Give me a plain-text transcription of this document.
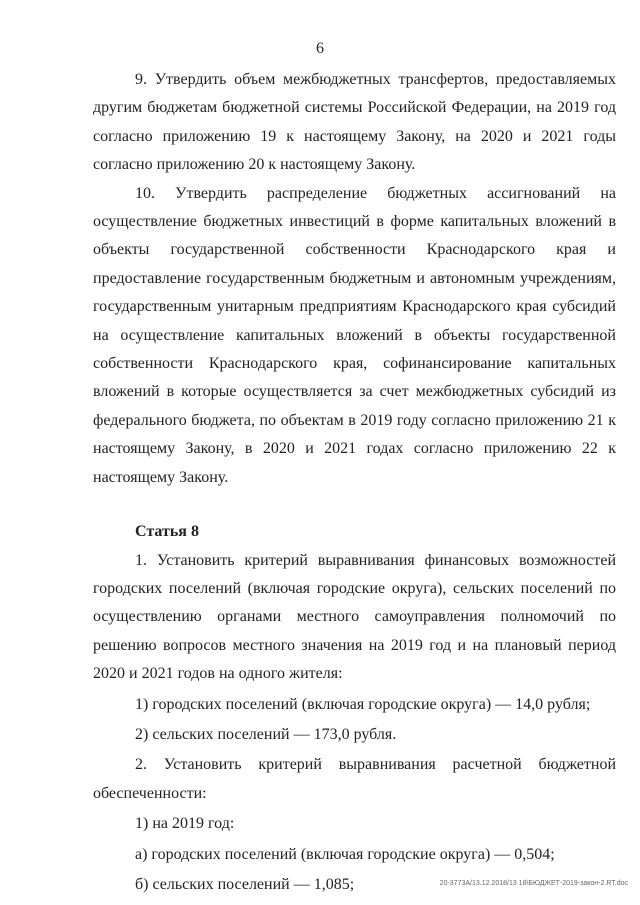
6

9. Утвердить объем межбюджетных трансфертов, предоставляемых другим бюджетам бюджетной системы Российской Федерации, на 2019 год согласно приложению 19 к настоящему Закону, на 2020 и 2021 годы согласно приложению 20 к настоящему Закону.

10. Утвердить распределение бюджетных ассигнований на осуществление бюджетных инвестиций в форме капитальных вложений в объекты государственной собственности Краснодарского края и предоставление государственным бюджетным и автономным учреждениям, государственным унитарным предприятиям Краснодарского края субсидий на осуществление капитальных вложений в объекты государственной собственности Краснодарского края, софинансирование капитальных вложений в которые осуществляется за счет межбюджетных субсидий из федерального бюджета, по объектам в 2019 году согласно приложению 21 к настоящему Закону, в 2020 и 2021 годах согласно приложению 22 к настоящему Закону.

Статья 8

1. Установить критерий выравнивания финансовых возможностей городских поселений (включая городские округа), сельских поселений по осуществлению органами местного самоуправления полномочий по решению вопросов местного значения на 2019 год и на плановый период 2020 и 2021 годов на одного жителя:

1) городских поселений (включая городские округа) — 14,0 рубля;

2) сельских поселений — 173,0 рубля.

2. Установить критерий выравнивания расчетной бюджетной обеспеченности:

1) на 2019 год:

а) городских поселений (включая городские округа) — 0,504;

б) сельских поселений — 1,085;	20-3773А/13.12.2018/13 18\БЮДЖЕТ-2019-закон-2.RT.doc
